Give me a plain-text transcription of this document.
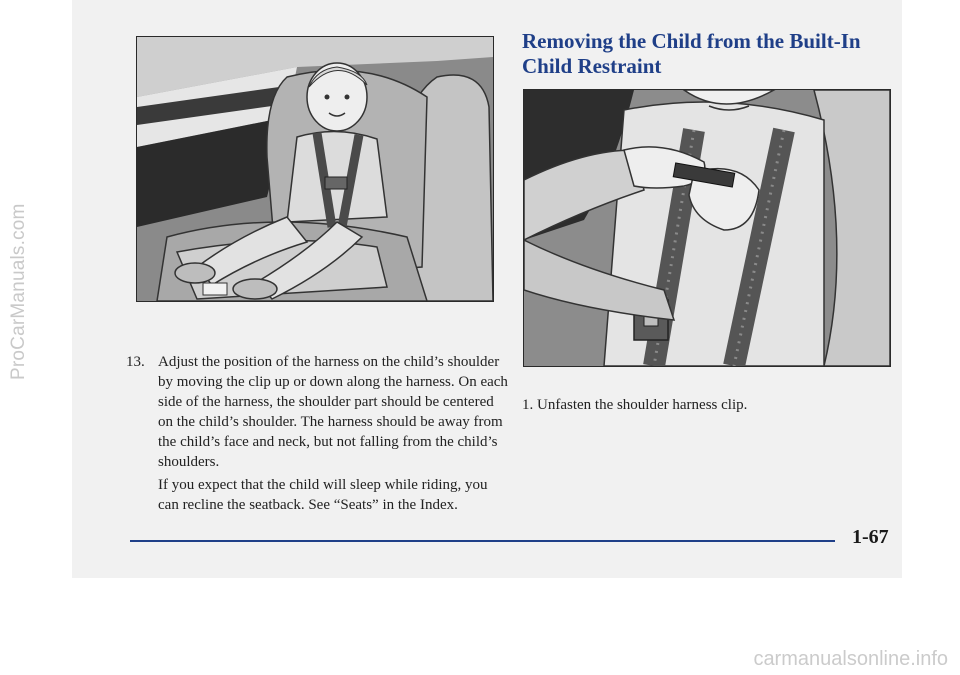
ProCarManuals.com
Removing the Child from the Built-In Child Restraint
13. Adjust the position of the harness on the child’s shoulder by moving the clip up or down along the harness. On each side of the harness, the shoulder part should be centered on the child’s shoulder. The harness should be away from the child’s face and neck, but not falling from the child’s shoulders.

If you expect that the child will sleep while riding, you can recline the seatback. See “Seats” in the Index.

1. Unfasten the shoulder harness clip.
1-67
carmanualsonline.info
